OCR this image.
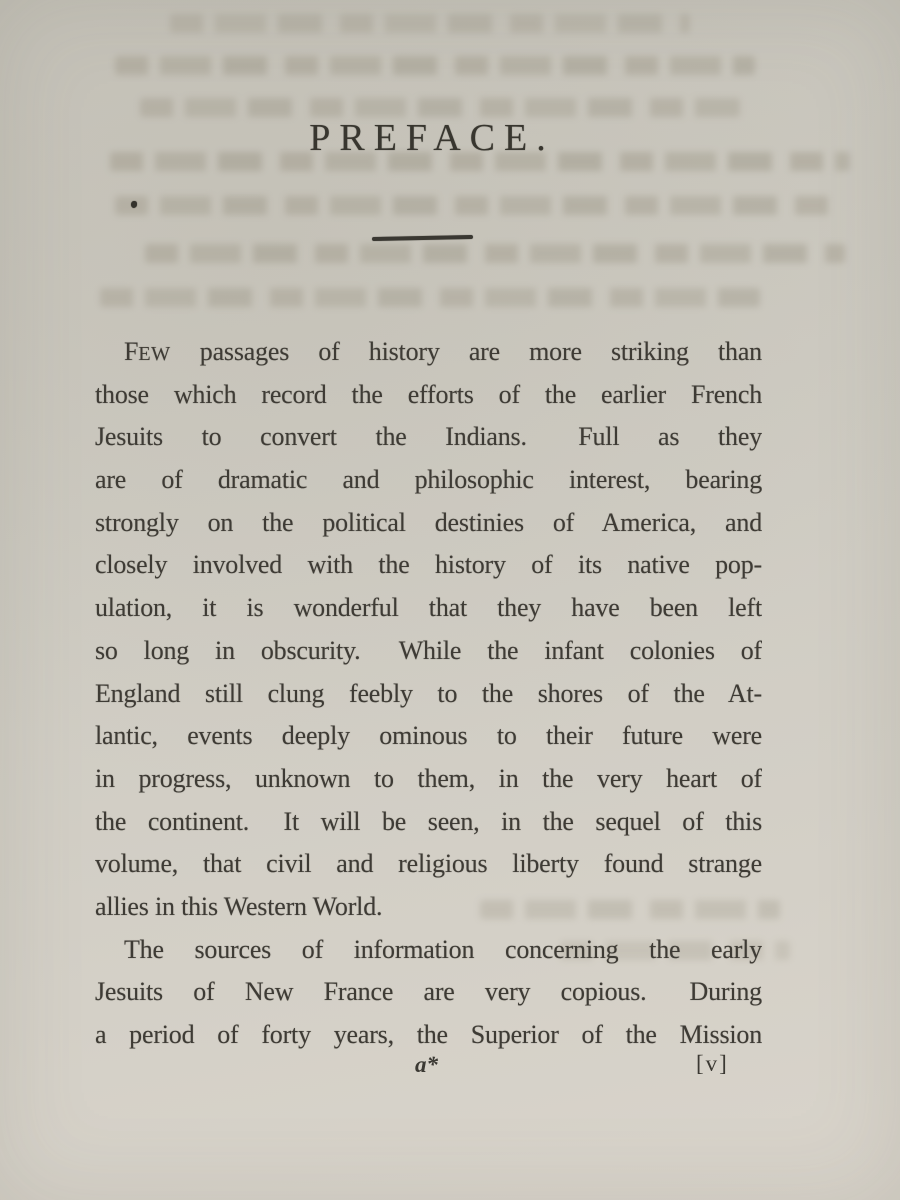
PREFACE.
FEW passages of history are more striking than
those which record the efforts of the earlier French
Jesuits to convert the Indians.  Full as they
are of dramatic and philosophic interest, bearing
strongly on the political destinies of America, and
closely involved with the history of its native pop-
ulation, it is wonderful that they have been left
so long in obscurity.  While the infant colonies of
England still clung feebly to the shores of the At-
lantic, events deeply ominous to their future were
in progress, unknown to them, in the very heart of
the continent.  It will be seen, in the sequel of this
volume, that civil and religious liberty found strange
allies in this Western World.
The sources of information concerning the early
Jesuits of New France are very copious.  During
a period of forty years, the Superior of the Mission
a*	[v]
